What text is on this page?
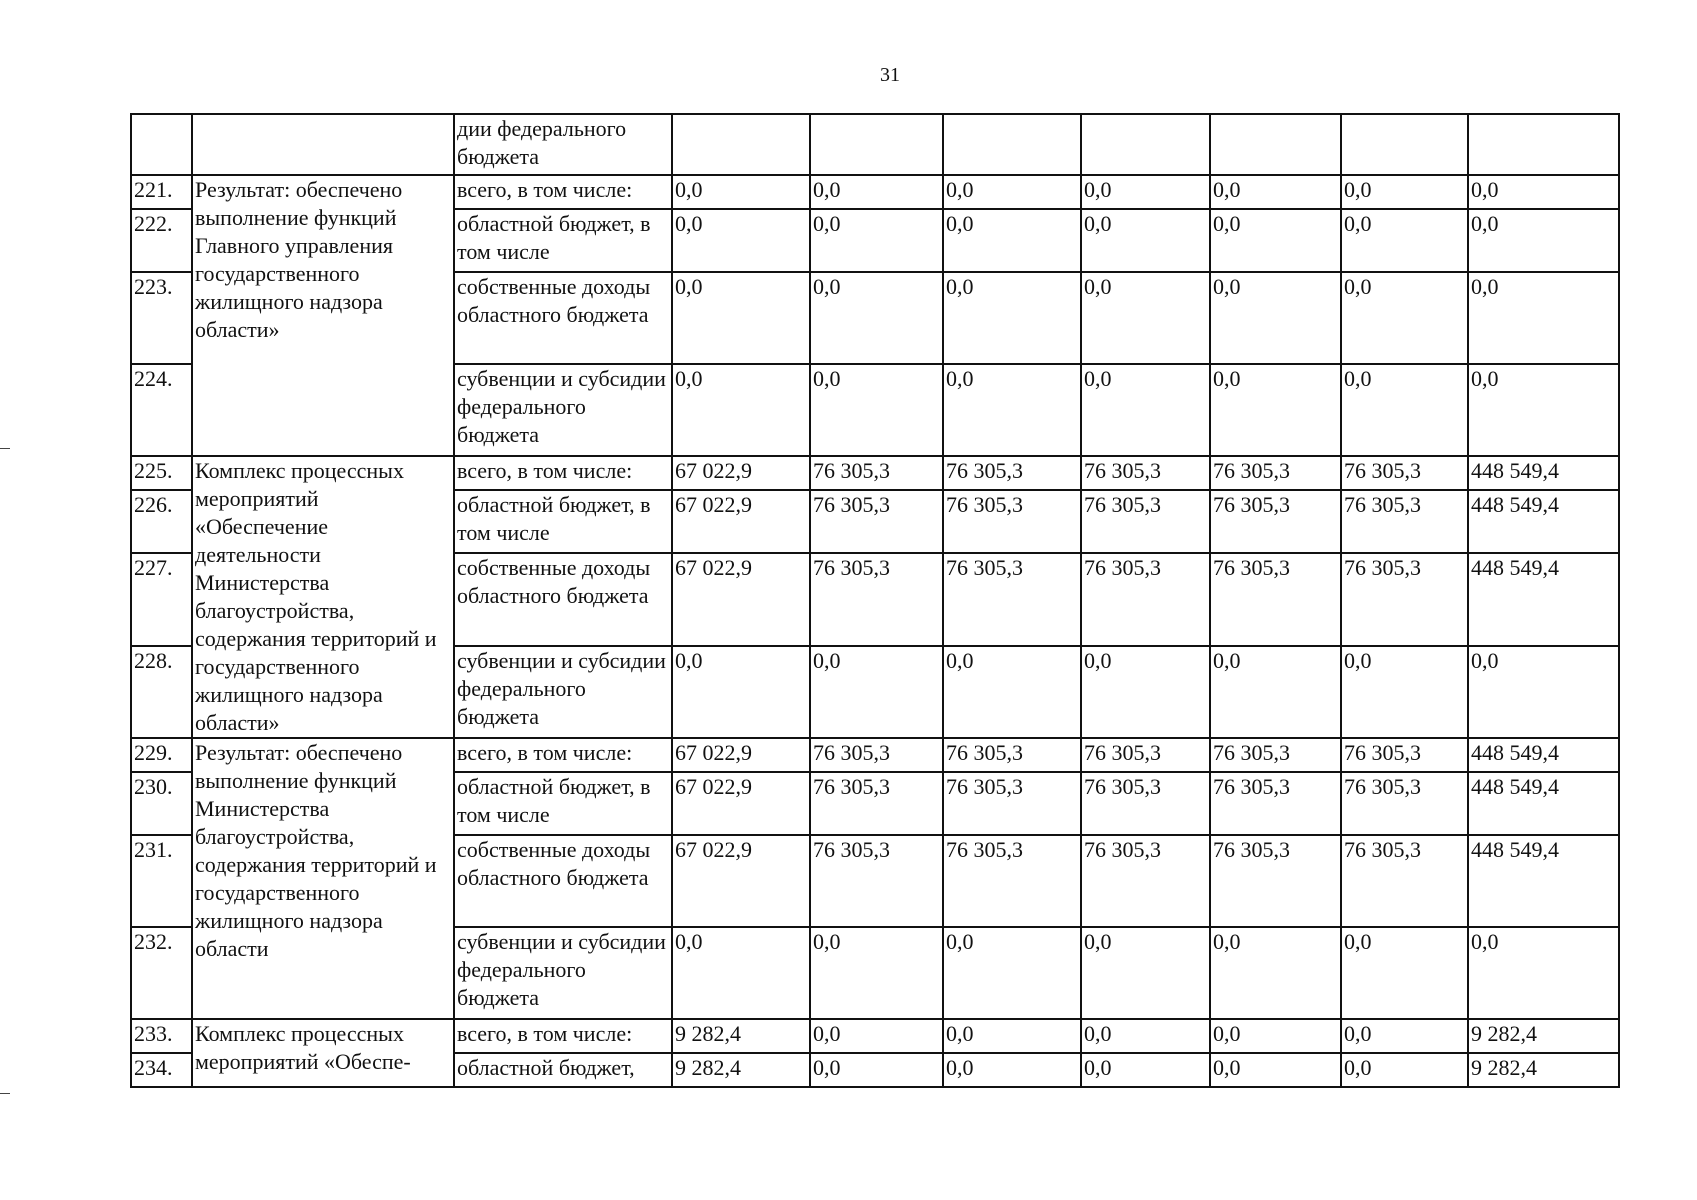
31
		дии федерального бюджета							
221.	Результат: обеспечено выполнение функций Главного управления государственного жилищного надзора области»	всего, в том числе:	0,0	0,0	0,0	0,0	0,0	0,0	0,0
222.		областной бюджет, в том числе	0,0	0,0	0,0	0,0	0,0	0,0	0,0
223.		собственные доходы областного бюджета	0,0	0,0	0,0	0,0	0,0	0,0	0,0
224.		субвенции и субсидии федерального бюджета	0,0	0,0	0,0	0,0	0,0	0,0	0,0
225.	Комплекс процессных мероприятий «Обеспечение деятельности Министерства благоустройства, содержания территорий и государственного жилищного надзора области»	всего, в том числе:	67 022,9	76 305,3	76 305,3	76 305,3	76 305,3	76 305,3	448 549,4
226.		областной бюджет, в том числе	67 022,9	76 305,3	76 305,3	76 305,3	76 305,3	76 305,3	448 549,4
227.		собственные доходы областного бюджета	67 022,9	76 305,3	76 305,3	76 305,3	76 305,3	76 305,3	448 549,4
228.		субвенции и субсидии федерального бюджета	0,0	0,0	0,0	0,0	0,0	0,0	0,0
229.	Результат: обеспечено выполнение функций Министерства благоустройства, содержания территорий и государственного жилищного надзора области	всего, в том числе:	67 022,9	76 305,3	76 305,3	76 305,3	76 305,3	76 305,3	448 549,4
230.		областной бюджет, в том числе	67 022,9	76 305,3	76 305,3	76 305,3	76 305,3	76 305,3	448 549,4
231.		собственные доходы областного бюджета	67 022,9	76 305,3	76 305,3	76 305,3	76 305,3	76 305,3	448 549,4
232.		субвенции и субсидии федерального бюджета	0,0	0,0	0,0	0,0	0,0	0,0	0,0
233.	Комплекс процессных мероприятий «Обеспе-	всего, в том числе:	9 282,4	0,0	0,0	0,0	0,0	0,0	9 282,4
234.		областной бюджет,	9 282,4	0,0	0,0	0,0	0,0	0,0	9 282,4
